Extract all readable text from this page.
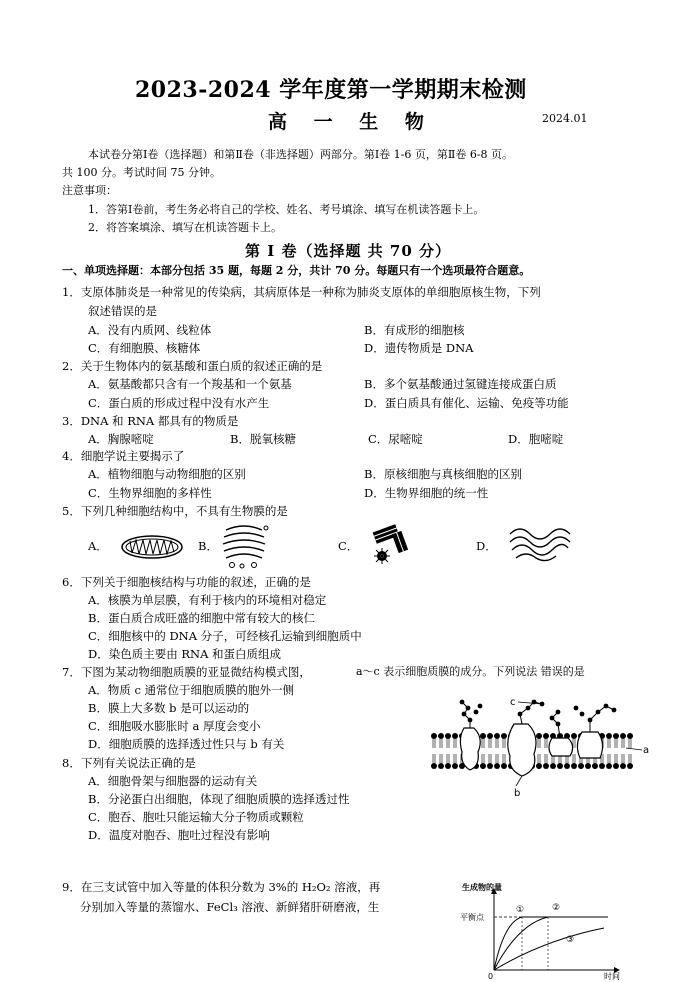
2023-2024 学年度第一学期期末检测
高 一 生 物	2024.01
本试卷分第Ⅰ卷（选择题）和第Ⅱ卷（非选择题）两部分。第Ⅰ卷 1-6 页，第Ⅱ卷 6-8 页。
共 100 分。考试时间 75 分钟。
注意事项：
1．答第Ⅰ卷前，考生务必将自己的学校、姓名、考号填涂、填写在机读答题卡上。
2．将答案填涂、填写在机读答题卡上。
第 Ⅰ 卷（选择题 共 70 分）
一、单项选择题：本部分包括 35 题，每题 2 分，共计 70 分。每题只有一个选项最符合题意。
1．支原体肺炎是一种常见的传染病，其病原体是一种称为肺炎支原体的单细胞原核生物，下列
叙述错误的是
A．没有内质网、线粒体	B．有成形的细胞核
C．有细胞膜、核糖体	D．遗传物质是 DNA
2．关于生物体内的氨基酸和蛋白质的叙述正确的是
A．氨基酸都只含有一个羧基和一个氨基	B．多个氨基酸通过氢键连接成蛋白质
C．蛋白质的形成过程中没有水产生	D．蛋白质具有催化、运输、免疫等功能
3．DNA 和 RNA 都具有的物质是
A．胸腺嘧啶	B．脱氧核糖	C．尿嘧啶	D．胞嘧啶
4．细胞学说主要揭示了
A．植物细胞与动物细胞的区别	B．原核细胞与真核细胞的区别
C．生物界细胞的多样性	D．生物界细胞的统一性
5．下列几种细胞结构中，不具有生物膜的是
A．	B．	C．	D．
6．下列关于细胞核结构与功能的叙述，正确的是
A．核膜为单层膜，有利于核内的环境相对稳定
B．蛋白质合成旺盛的细胞中常有较大的核仁
C．细胞核中的 DNA 分子，可经核孔运输到细胞质中
D．染色质主要由 RNA 和蛋白质组成
7．下图为某动物细胞质膜的亚显微结构模式图，	a～c 表示细胞质膜的成分。下列说法 错误的是
A．物质 c 通常位于细胞质膜的胞外一侧
B．膜上大多数 b 是可以运动的
C．细胞吸水膨胀时 a 厚度会变小
D．细胞质膜的选择透过性只与 b 有关
c
a
b
8．下列有关说法正确的是
A．细胞骨架与细胞器的运动有关
B．分泌蛋白出细胞，体现了细胞质膜的选择透过性
C．胞吞、胞吐只能运输大分子物质或颗粒
D．温度对胞吞、胞吐过程没有影响
9．在三支试管中加入等量的体积分数为 3%的 H₂O₂ 溶液，再
分别加入等量的蒸馏水、FeCl₃ 溶液、新鲜猪肝研磨液，生
生成物的量
平衡点
时间
0
①	②
③
